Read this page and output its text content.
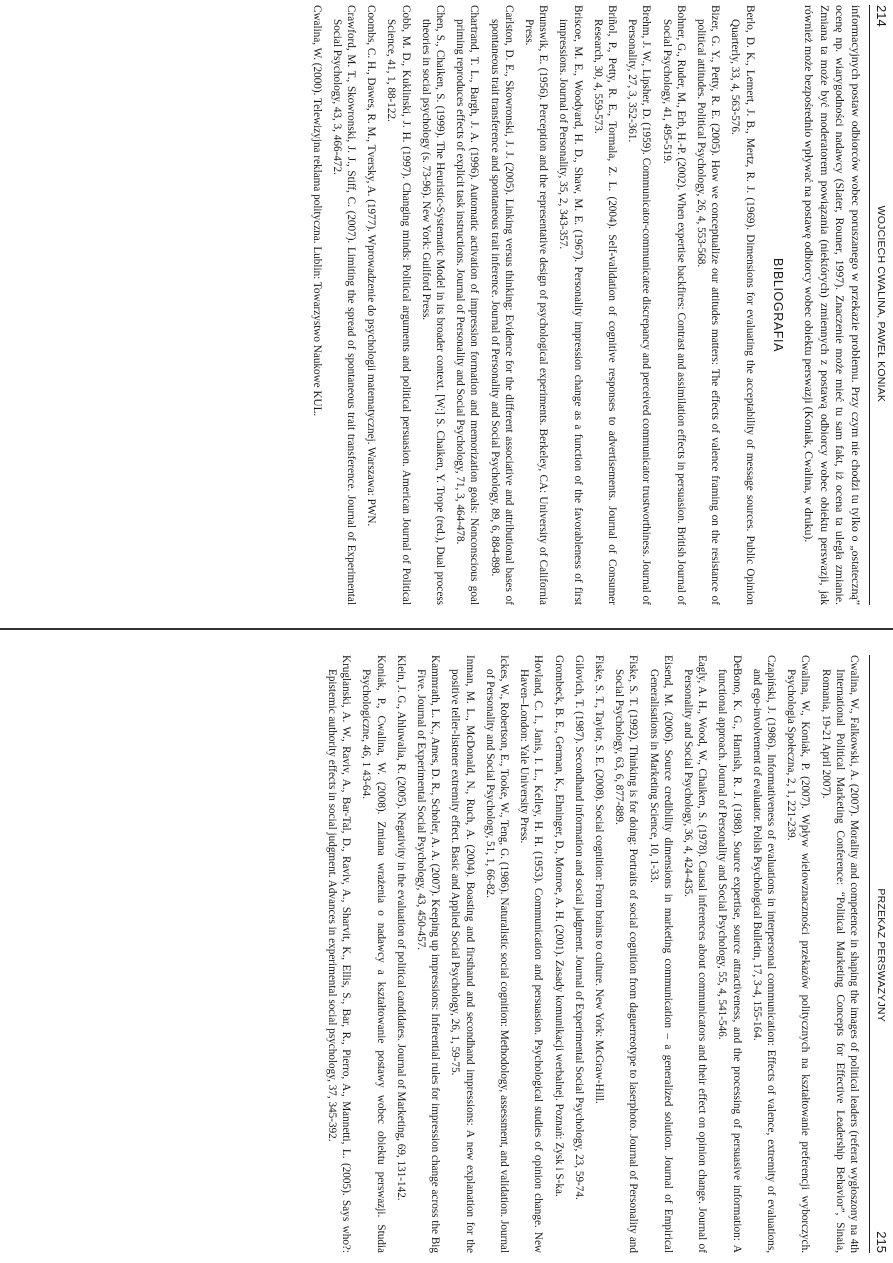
214
WOJCIECH CWALINA, PAWEŁ KONIAK

informacyjnych postaw odbiorców wobec poruszanego w przekazie problemu. Przy czym nie chodzi tu tylko o „ostateczną” ocenę np. wiarygodności nadawcy (Slater, Rouner, 1997). Znaczenie może mieć tu sam fakt, iż ocena ta uległa zmianie. Zmiana ta może być moderatorem powiązania (niektórych) zmiennych z postawą odbiorcy wobec obiektu perswazji, jak również może bezpośrednio wpływać na postawę odbiorcy wobec obiektu perswazji (Koniak, Cwalina, w druku).

BIBLIOGRAFIA
Berlo, D. K., Lemert, J. B., Mertz, R. J. (1969). Dimensions for evaluating the acceptability of message sources. Public Opinion Quarterly, 33, 4, 563-576.
Bizer, G. Y., Petty, R. E. (2005). How we conceptualize our attitudes matters: The effects of valence framing on the resistance of political attitudes. Political Psychology, 26, 4, 553-568.
Bohner, G., Ruder, M., Erb, H.-P. (2002). When expertise backfires: Contrast and assimilation effects in persuasion. British Journal of Social Psychology, 41, 495-519.
Brehm, J. W., Lipsher, D. (1959). Communicator-communicatee discrepancy and perceived communicator trustworthiness. Journal of Personality, 27, 3, 352-361.
Briñol, P., Petty, R. E., Tormala, Z. L. (2004). Self-validation of cognitive responses to advertisements. Journal of Consumer Research, 30, 4, 559-573.
Briscoe, M. E., Woodyard, H. D., Shaw, M. E. (1967). Personality impression change as a function of the favorableness of first impressions. Journal of Personality, 35, 2, 343-357.
Brunswik, E. (1956). Perception and the representative design of psychological experiments. Berkeley, CA: University of California Press.
Carlston, D. E., Skowronski, J. J. (2005). Linking versus thinking: Evidence for the different associative and attributional bases of spontaneous trait transference and spontaneous trait inference. Journal of Personality and Social Psychology, 89, 6, 884-898.
Chartrand, T. L., Bargh, J. A. (1996). Automatic activation of impression formation and memorization goals: Nonconscious goal priming reproduces effects of explicit task instructions. Journal of Personality and Social Psychology, 71, 3, 464-478.
Chen, S., Chaiken, S. (1999). The Heuristic-Systematic Model in its broader context. [W:] S. Chaiken, Y. Trope (red.), Dual process theories in social psychology (s. 73-96). New York: Guilford Press.
Cobb, M. D., Kuklinski, J. H. (1997). Changing minds: Political arguments and political persuasion. American Journal of Political Science, 41, 1, 88-122.
Coombs, C. H., Dawes, R. M., Tversky, A. (1977). Wprowadzenie do psychologii matematycznej. Warszawa: PWN.
Crawford, M. T., Skowronski, J. J., Stiff, C. (2007). Limiting the spread of spontaneous trait transference. Journal of Experimental Social Psychology, 43, 3, 466-472.
Cwalina, W. (2000). Telewizyjna reklama polityczna. Lublin: Towarzystwo Naukowe KUL.
PRZEKAZ PERSWAZYJNY
215
Cwalina, W., Falkowski, A. (2007). Morality and competence in shaping the images of political leaders (referat wygłoszony na 4th International Political Marketing Conference: “Political Marketing Concepts for Effective Leadership Behavior”, Sinaia, Romania, 19-21 April 2007).
Cwalina, W., Koniak, P. (2007). Wpływ wielowznaczności przekazów politycznych na kształtowanie preferencji wyborczych. Psychologia Społeczna, 2, 1, 221-239.
Czapiński, J. (1986). Informativeness of evaluations in interpersonal communication: Effects of valence, extremity of evaluations, and ego-involvement of evaluator. Polish Psychological Bulletin, 17, 3-4, 155-164.
DeBono, K. G., Harnish, R. J. (1988). Source expertise, source attractiveness, and the processing of persuasive information: A functional approach. Journal of Personality and Social Psychology, 55, 4, 541-546.
Eagly, A. H., Wood, W., Chaiken, S. (1978). Causal inferences about communicators and their effect on opinion change. Journal of Personality and Social Psychology, 36, 4, 424-435.
Eisend, M. (2006). Source credibility dimensions in marketing communication – a generalized solution. Journal of Empirical Generalisations in Marketing Science, 10, 1-33.
Fiske, S. T. (1992). Thinking is for doing: Portraits of social cognition from daguerreotype to laserphoto. Journal of Personality and Social Psychology, 63, 6, 877-889.
Fiske, S. T., Taylor, S. E. (2008). Social cognition: From brains to culture. New York: McGraw-Hill.
Gilovich, T. (1987). Secondhand information and social judgment. Journal of Experimental Social Psychology, 23, 59-74.
Grombeck, B. E., German, K., Ehninger, D., Monroe, A. H. (2001). Zasady komunikacji werbalnej. Poznań: Zysk i S-ka.
Hovland, C. I., Janis, I. L., Kelley, H. H. (1953). Communication and persuasion. Psychological studies of opinion change. New Haven–London: Yale University Press.
Ickes, W., Robertson, E., Tooke, W., Teng, G. (1986). Naturalistic social cognition: Methodology, assessment, and validation. Journal of Personality and Social Psychology, 51, 1, 66-82.
Inman, M. L., McDonald, N., Ruch, A. (2004). Boasting and firsthand and secondhand impressions: A new explanation for the positive teller-listener extremity effect. Basic and Applied Social Psychology, 26, 1, 59-75.
Kammrath, L. K., Ames, D. R., Scholer, A. A. (2007). Keeping up impressions: Inferential rules for impression change across the Big Five. Journal of Experimental Social Psychology, 43, 450-457.
Klein, J. G., Ahluwalia, R. (2005). Negativity in the evaluation of political candidates. Journal of Marketing, 69, 131-142.
Koniak, P., Cwalina, W. (2008). Zmiana wrażenia o nadawcy a kształtowanie postawy wobec obiektu perswazji. Studia Psychologiczne, 46, 1 43-64.
Kruglanski, A. W., Raviv, A., Bar-Tal, D., Raviv, A., Sharvit, K., Ellis, S., Bar, R., Pierro, A., Mannetti, L. (2005). Says who?: Epistemic authority effects in social judgment. Advances in experimental social psychology, 37, 345-392.
